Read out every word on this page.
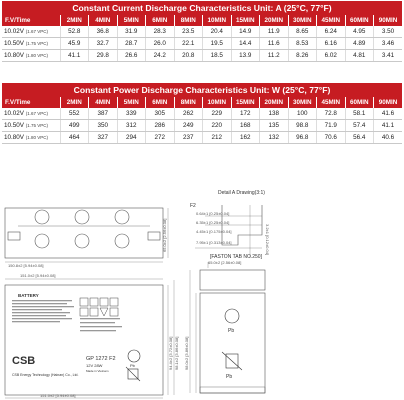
Constant Current Discharge Characteristics Unit: A (25°C, 77°F)
F.V/Time	2MIN	4MIN	5MIN	6MIN	8MIN	10MIN	15MIN	20MIN	30MIN	45MIN	60MIN	90MIN
10.02V (1.67 VPC)	52.8	36.8	31.9	28.3	23.5	20.4	14.9	11.9	8.65	6.24	4.95	3.50
10.50V (1.75 VPC)	45.9	32.7	28.7	26.0	22.1	19.5	14.4	11.6	8.53	6.16	4.89	3.46
10.80V (1.80 VPC)	41.1	29.8	26.6	24.2	20.8	18.5	13.9	11.2	8.26	6.02	4.81	3.41
Constant Power Discharge Characteristics Unit: W (25°C, 77°F)
F.V/Time	2MIN	4MIN	5MIN	6MIN	8MIN	10MIN	15MIN	20MIN	30MIN	45MIN	60MIN	90MIN
10.02V (1.67 VPC)	552	387	339	305	262	229	172	138	100	72.8	58.1	41.6
10.50V (1.75 VPC)	499	350	312	286	249	220	168	135	98.8	71.9	57.4	41.1
10.80V (1.80 VPC)	464	327	294	272	237	212	162	132	96.8	70.6	56.4	40.6
Detail A Drawing(3:1)
F2
[FASTON TAB NO.250]
0.64±1 [0.25±0.04]
6.35±1 [0.25±0.04]
4.45±1 [0.175±0.04]
7.95±1 [0.313±0.04]	3.2±1 [0.12±0.04]
150.8±2 [5.94±0.08]
65.0±2 [2.56±0.08]
151.0±2 [5.94±0.08]
151.0±2 [5.94±0.08]
94.4±2 [3.72±0.08] 98.1±2 [3.86±0.08]
65.0±2 [2.56±0.08]
98.0±2 [3.86±0.08]
BATTERY
CSB	GP 1272 F2
12V 28W
Made in Vietnam
CSB Energy Technology (Hainan) Co., Ltd.
Pb
Pb
Pb
